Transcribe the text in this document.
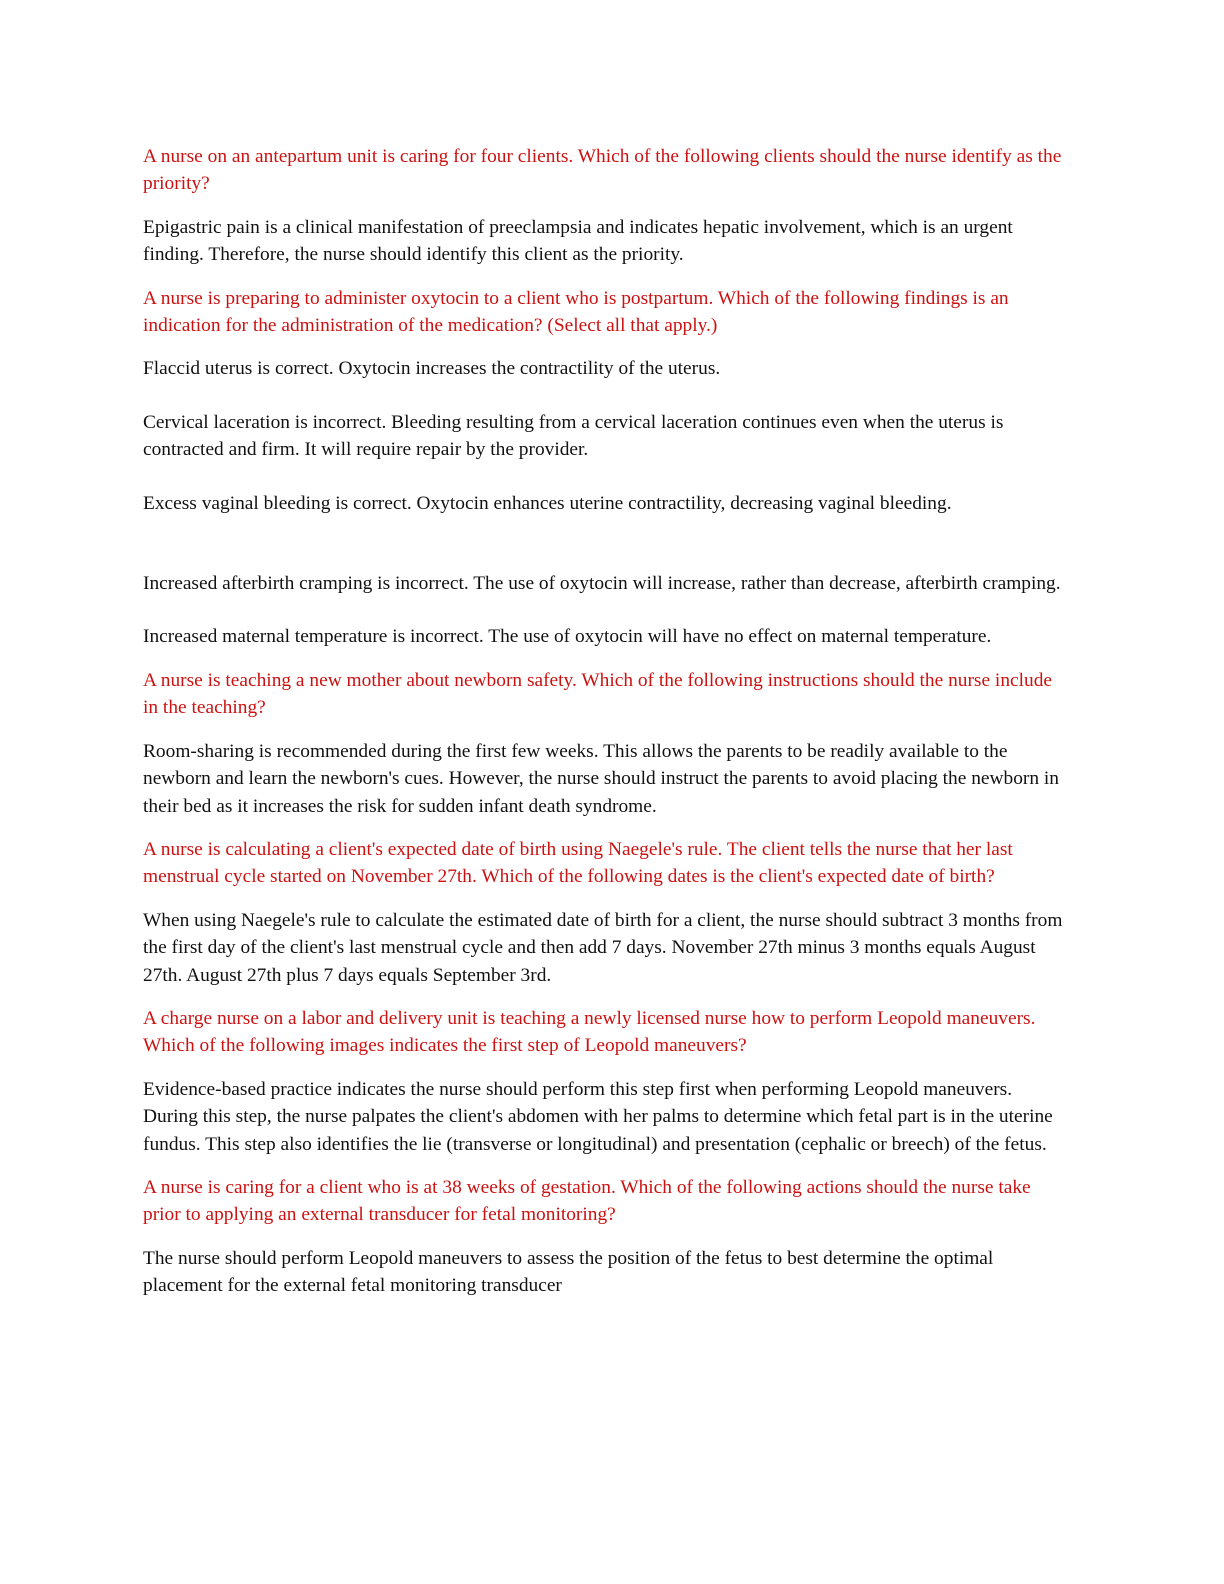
A nurse on an antepartum unit is caring for four clients. Which of the following clients should the nurse identify as the priority?

Epigastric pain is a clinical manifestation of preeclampsia and indicates hepatic involvement, which is an urgent finding. Therefore, the nurse should identify this client as the priority.

A nurse is preparing to administer oxytocin to a client who is postpartum. Which of the following findings is an indication for the administration of the medication? (Select all that apply.)

Flaccid uterus is correct. Oxytocin increases the contractility of the uterus.

Cervical laceration is incorrect. Bleeding resulting from a cervical laceration continues even when the uterus is contracted and firm. It will require repair by the provider.

Excess vaginal bleeding is correct. Oxytocin enhances uterine contractility, decreasing vaginal bleeding.

Increased afterbirth cramping is incorrect. The use of oxytocin will increase, rather than decrease, afterbirth cramping.

Increased maternal temperature is incorrect. The use of oxytocin will have no effect on maternal temperature.

A nurse is teaching a new mother about newborn safety. Which of the following instructions should the nurse include in the teaching?

Room-sharing is recommended during the first few weeks. This allows the parents to be readily available to the newborn and learn the newborn's cues. However, the nurse should instruct the parents to avoid placing the newborn in their bed as it increases the risk for sudden infant death syndrome.

A nurse is calculating a client's expected date of birth using Naegele's rule. The client tells the nurse that her last menstrual cycle started on November 27th. Which of the following dates is the client's expected date of birth?

When using Naegele's rule to calculate the estimated date of birth for a client, the nurse should subtract 3 months from the first day of the client's last menstrual cycle and then add 7 days. November 27th minus 3 months equals August 27th. August 27th plus 7 days equals September 3rd.

A charge nurse on a labor and delivery unit is teaching a newly licensed nurse how to perform Leopold maneuvers. Which of the following images indicates the first step of Leopold maneuvers?

Evidence-based practice indicates the nurse should perform this step first when performing Leopold maneuvers. During this step, the nurse palpates the client's abdomen with her palms to determine which fetal part is in the uterine fundus. This step also identifies the lie (transverse or longitudinal) and presentation (cephalic or breech) of the fetus.

A nurse is caring for a client who is at 38 weeks of gestation. Which of the following actions should the nurse take prior to applying an external transducer for fetal monitoring?

The nurse should perform Leopold maneuvers to assess the position of the fetus to best determine the optimal placement for the external fetal monitoring transducer
